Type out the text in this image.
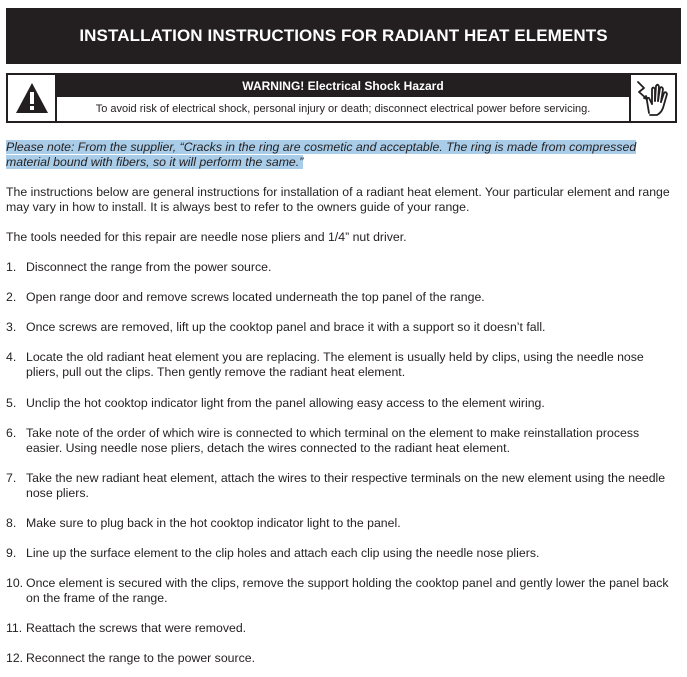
INSTALLATION INSTRUCTIONS FOR RADIANT HEAT ELEMENTS
WARNING! Electrical Shock Hazard
To avoid risk of electrical shock, personal injury or death; disconnect electrical power before servicing.
Please note: From the supplier, “Cracks in the ring are cosmetic and acceptable. The ring is made from compressed
material bound with fibers, so it will perform the same.”
The instructions below are general instructions for installation of a radiant heat element. Your particular element and range
may vary in how to install. It is always best to refer to the owners guide of your range.
The tools needed for this repair are needle nose pliers and 1/4” nut driver.
1. Disconnect the range from the power source.
2. Open range door and remove screws located underneath the top panel of the range.
3. Once screws are removed, lift up the cooktop panel and brace it with a support so it doesn’t fall.
4. Locate the old radiant heat element you are replacing. The element is usually held by clips, using the needle nose pliers, pull out the clips. Then gently remove the radiant heat element.
5. Unclip the hot cooktop indicator light from the panel allowing easy access to the element wiring.
6. Take note of the order of which wire is connected to which terminal on the element to make reinstallation process easier. Using needle nose pliers, detach the wires connected to the radiant heat element.
7. Take the new radiant heat element, attach the wires to their respective terminals on the new element using the needle nose pliers.
8. Make sure to plug back in the hot cooktop indicator light to the panel.
9. Line up the surface element to the clip holes and attach each clip using the needle nose pliers.
10. Once element is secured with the clips, remove the support holding the cooktop panel and gently lower the panel back on the frame of the range.
11. Reattach the screws that were removed.
12. Reconnect the range to the power source.
